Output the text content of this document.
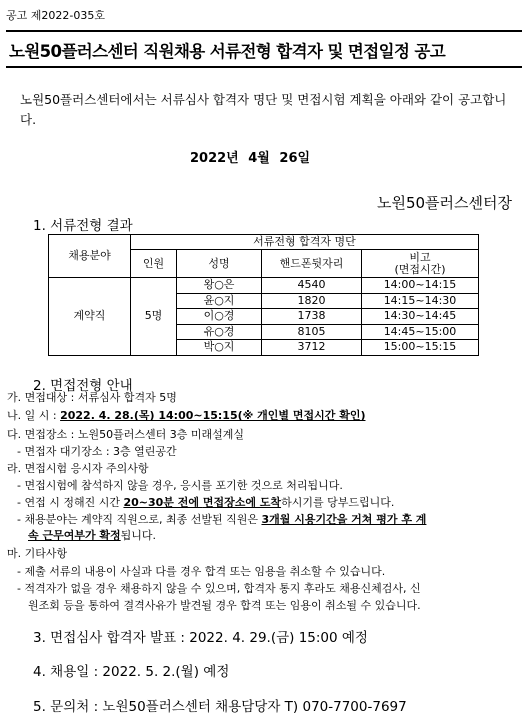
공고 제2022-035호
노원50플러스센터 직원채용 서류전형 합격자 및 면접일정 공고
노원50플러스센터에서는 서류심사 합격자 명단 및 면접시험 계획을 아래와 같이 공고합니다.
2022년 4월 26일
노원50플러스센터장
1. 서류전형 결과
채용분야	서류전형 합격자 명단			
	인원	성명	핸드폰뒷자리	비고
(면접시간)

계약직	5명	왕○은	4540	14:00~14:15
		윤○지	1820	14:15~14:30
		이○경	1738	14:30~14:45
		유○경	8105	14:45~15:00
		박○지	3712	15:00~15:15
2. 면접전형 안내
가. 면접대상 : 서류심사 합격자 5명
나. 일 시 : 2022. 4. 28.(목) 14:00~15:15(※ 개인별 면접시간 확인)
다. 면접장소 : 노원50플러스센터 3층 미래설계실
- 면접자 대기장소 : 3층 열린공간
라. 면접시험 응시자 주의사항
- 면접시험에 참석하지 않을 경우, 응시를 포기한 것으로 처리됩니다.
- 연접 시 정해진 시간 20~30분 전에 면접장소에 도착하시기를 당부드립니다.
- 채용분야는 계약직 직원으로, 최종 선발된 직원은 3개월 시용기간을 거쳐 평가 후 계
속 근무여부가 확정됩니다.
마. 기타사항
- 제출 서류의 내용이 사실과 다를 경우 합격 또는 임용을 취소할 수 있습니다.
- 적격자가 없을 경우 채용하지 않을 수 있으며, 합격자 통지 후라도 채용신체검사, 신
원조회 등을 통하여 결격사유가 발견될 경우 합격 또는 임용이 취소될 수 있습니다.
3. 면접심사 합격자 발표 : 2022. 4. 29.(금) 15:00 예정
4. 채용일 : 2022. 5. 2.(월) 예정
5. 문의처 : 노원50플러스센터 채용담당자 T) 070-7700-7697
